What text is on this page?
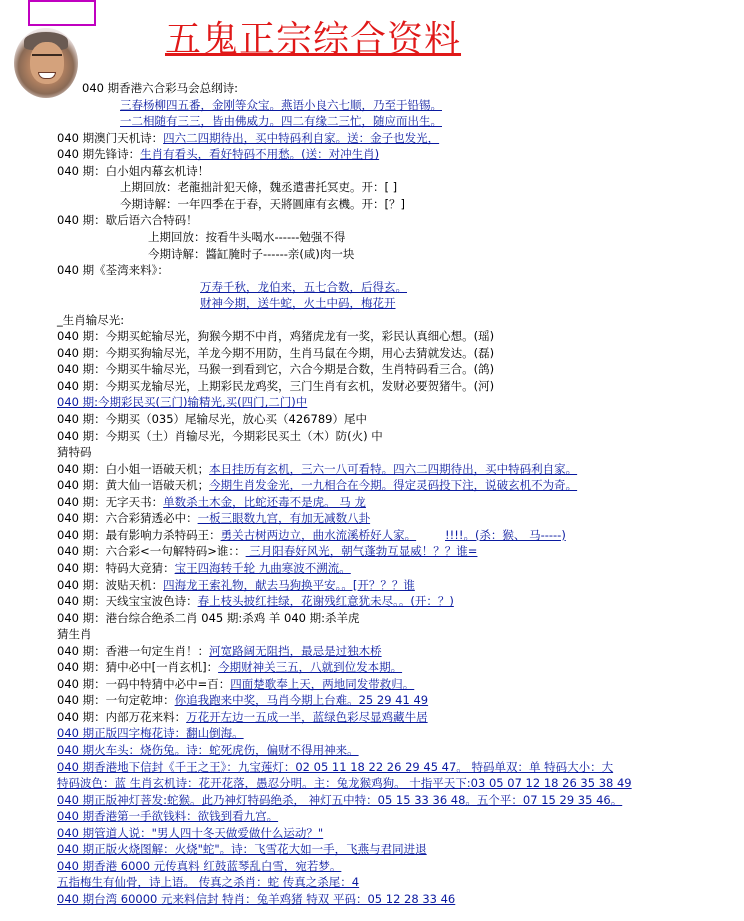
五鬼正宗综合资料
040 期香港六合彩马会总纲诗:
三春杨柳四五番，金刚等众宝。燕语小良六七顺，乃至于铅锡。
一二相随有三三，皆由佛威力。四二有缘二三忙，随应而出生。
040 期澳门天机诗：四六二四期待出，买中特码利自家。送：金子也发光，
040 期先锋诗：生肖有看头，看好特码不用愁。(送：对冲生肖)
040 期：白小姐内幕玄机诗！
上期回放：老龍拙計犯天條，魏丞遣書托冥吏。开：[ ]
今期诗解：一年四季在于春，天將圓庫有玄機。开：[？]
040 期：歇后语六合特码！
上期回放：按看牛头喝水------勉强不得
今期诗解：醬缸腌时子------亲(咸)肉一块
040 期《荃湾来料》：
万寿千秋，龙伯来，五七合数，后得玄。
财神今期，送牛蛇，火土中码，梅花开
_生肖输尽光:
040 期：今期买蛇输尽光，狗猴今期不中肖，鸡猪虎龙有一奖，彩民认真细心想。(瑶)
040 期：今期买狗输尽光，羊龙今期不用防，生肖马鼠在今期，用心去猜就发达。(磊)
040 期：今期买牛输尽光，马猴一到看到它，六合今期是合数，生肖特码看三合。(鸽)
040 期：今期买龙输尽光，上期彩民龙鸡奖，三门生肖有玄机，发财必要贺猪牛。(河)
040 期:今期彩民买(三门)输精光,买(四门,二门)中
040 期：今期买（035）尾输尽光，放心买（426789）尾中
040 期：今期买（土）肖输尽光，今期彩民买土（木）防(火) 中
猜特码
040 期：白小姐一语破天机；本日挂历有玄机，三六一八可看特。四六二四期待出，买中特码利自家。
040 期：黄大仙一语破天机；今期生肖发金光，一九相合在今期。得定灵码投下注，说破玄机不为奇。
040 期：无字天书：单数杀土木金，比蛇还毒不是虎。 马 龙
040 期：六合彩猜透必中：一板三眼数九宫，有加无减数八卦
040 期：最有影响力杀特码王：勇关古树两边立，曲水流溪桥好人家。	!!!!。(杀：猴、 马-----)
040 期：六合彩<一句解特码>谁：： 三月阳春好风光，朝气蓬勃互显威！？？谁=
040 期：特码大竞猜：宝王四海转千轮 九曲寒波不溯流。
040 期：波贴天机：四海龙王索礼物，献去马狗换平安。。[开？？？谁
040 期：天线宝宝波色诗：春上枝头披红挂绿，花谢残红意犹未尽。。(开：？)
040 期：港台综合绝杀二肖 045 期:杀鸡 羊 040 期:杀羊虎
猜生肖
040 期：香港一句定生肖！：河宽路阔无阻挡，最忌是过独木桥
040 期：猜中必中[一肖玄机]：今期财神关三五，八就到位发本期。
040 期：一码中特猜中必中=百：四面楚歌奉上天，两地同发带救归。
040 期：一句定乾坤：你追我跑来中奖，马肖今期上台难。25 29 41 49
040 期：内部万花来料：万花开左边一五成一半，蓝绿色彩尽显鸡藏牛居
040 期正版四字梅花诗：翻山倒海。
040 期火车头：烧伤兔。诗：蛇死虎伤，偏财不得用神来。
040 期香港地下信封《千王之王》：九宝莲灯：02 05 11 18 22 26 29 45 47。 特码单双：单 特码大小：大
特码波色：蓝 生肖玄机诗：花开花落，愚忍分明。主：兔龙猴鸡狗。 十指平天下:03 05 07 12 18 26 35 38 49
040 期正版神灯菩发:蛇猴。此乃神灯特码绝杀， 神灯五中特：05 15 33 36 48。五个平：07 15 29 35 46。
040 期香港第一手欲钱料：欲钱到看九宫。
040 期管道人说："男人四十冬天做爱做什么运动？"
040 期正版火烧图解：火烧"蛇"。诗：飞雪花大如一手，飞燕与君同进退
040 期香港 6000 元传真料 红鼓蓝琴乱白雪，宛若梦。
五指梅生有仙骨，诗上语。 传真之杀肖：蛇 传真之杀尾：4
040 期台湾 60000 元来料信封 特肖：兔羊鸡猪 特双 平码：05 12 28 33 46
